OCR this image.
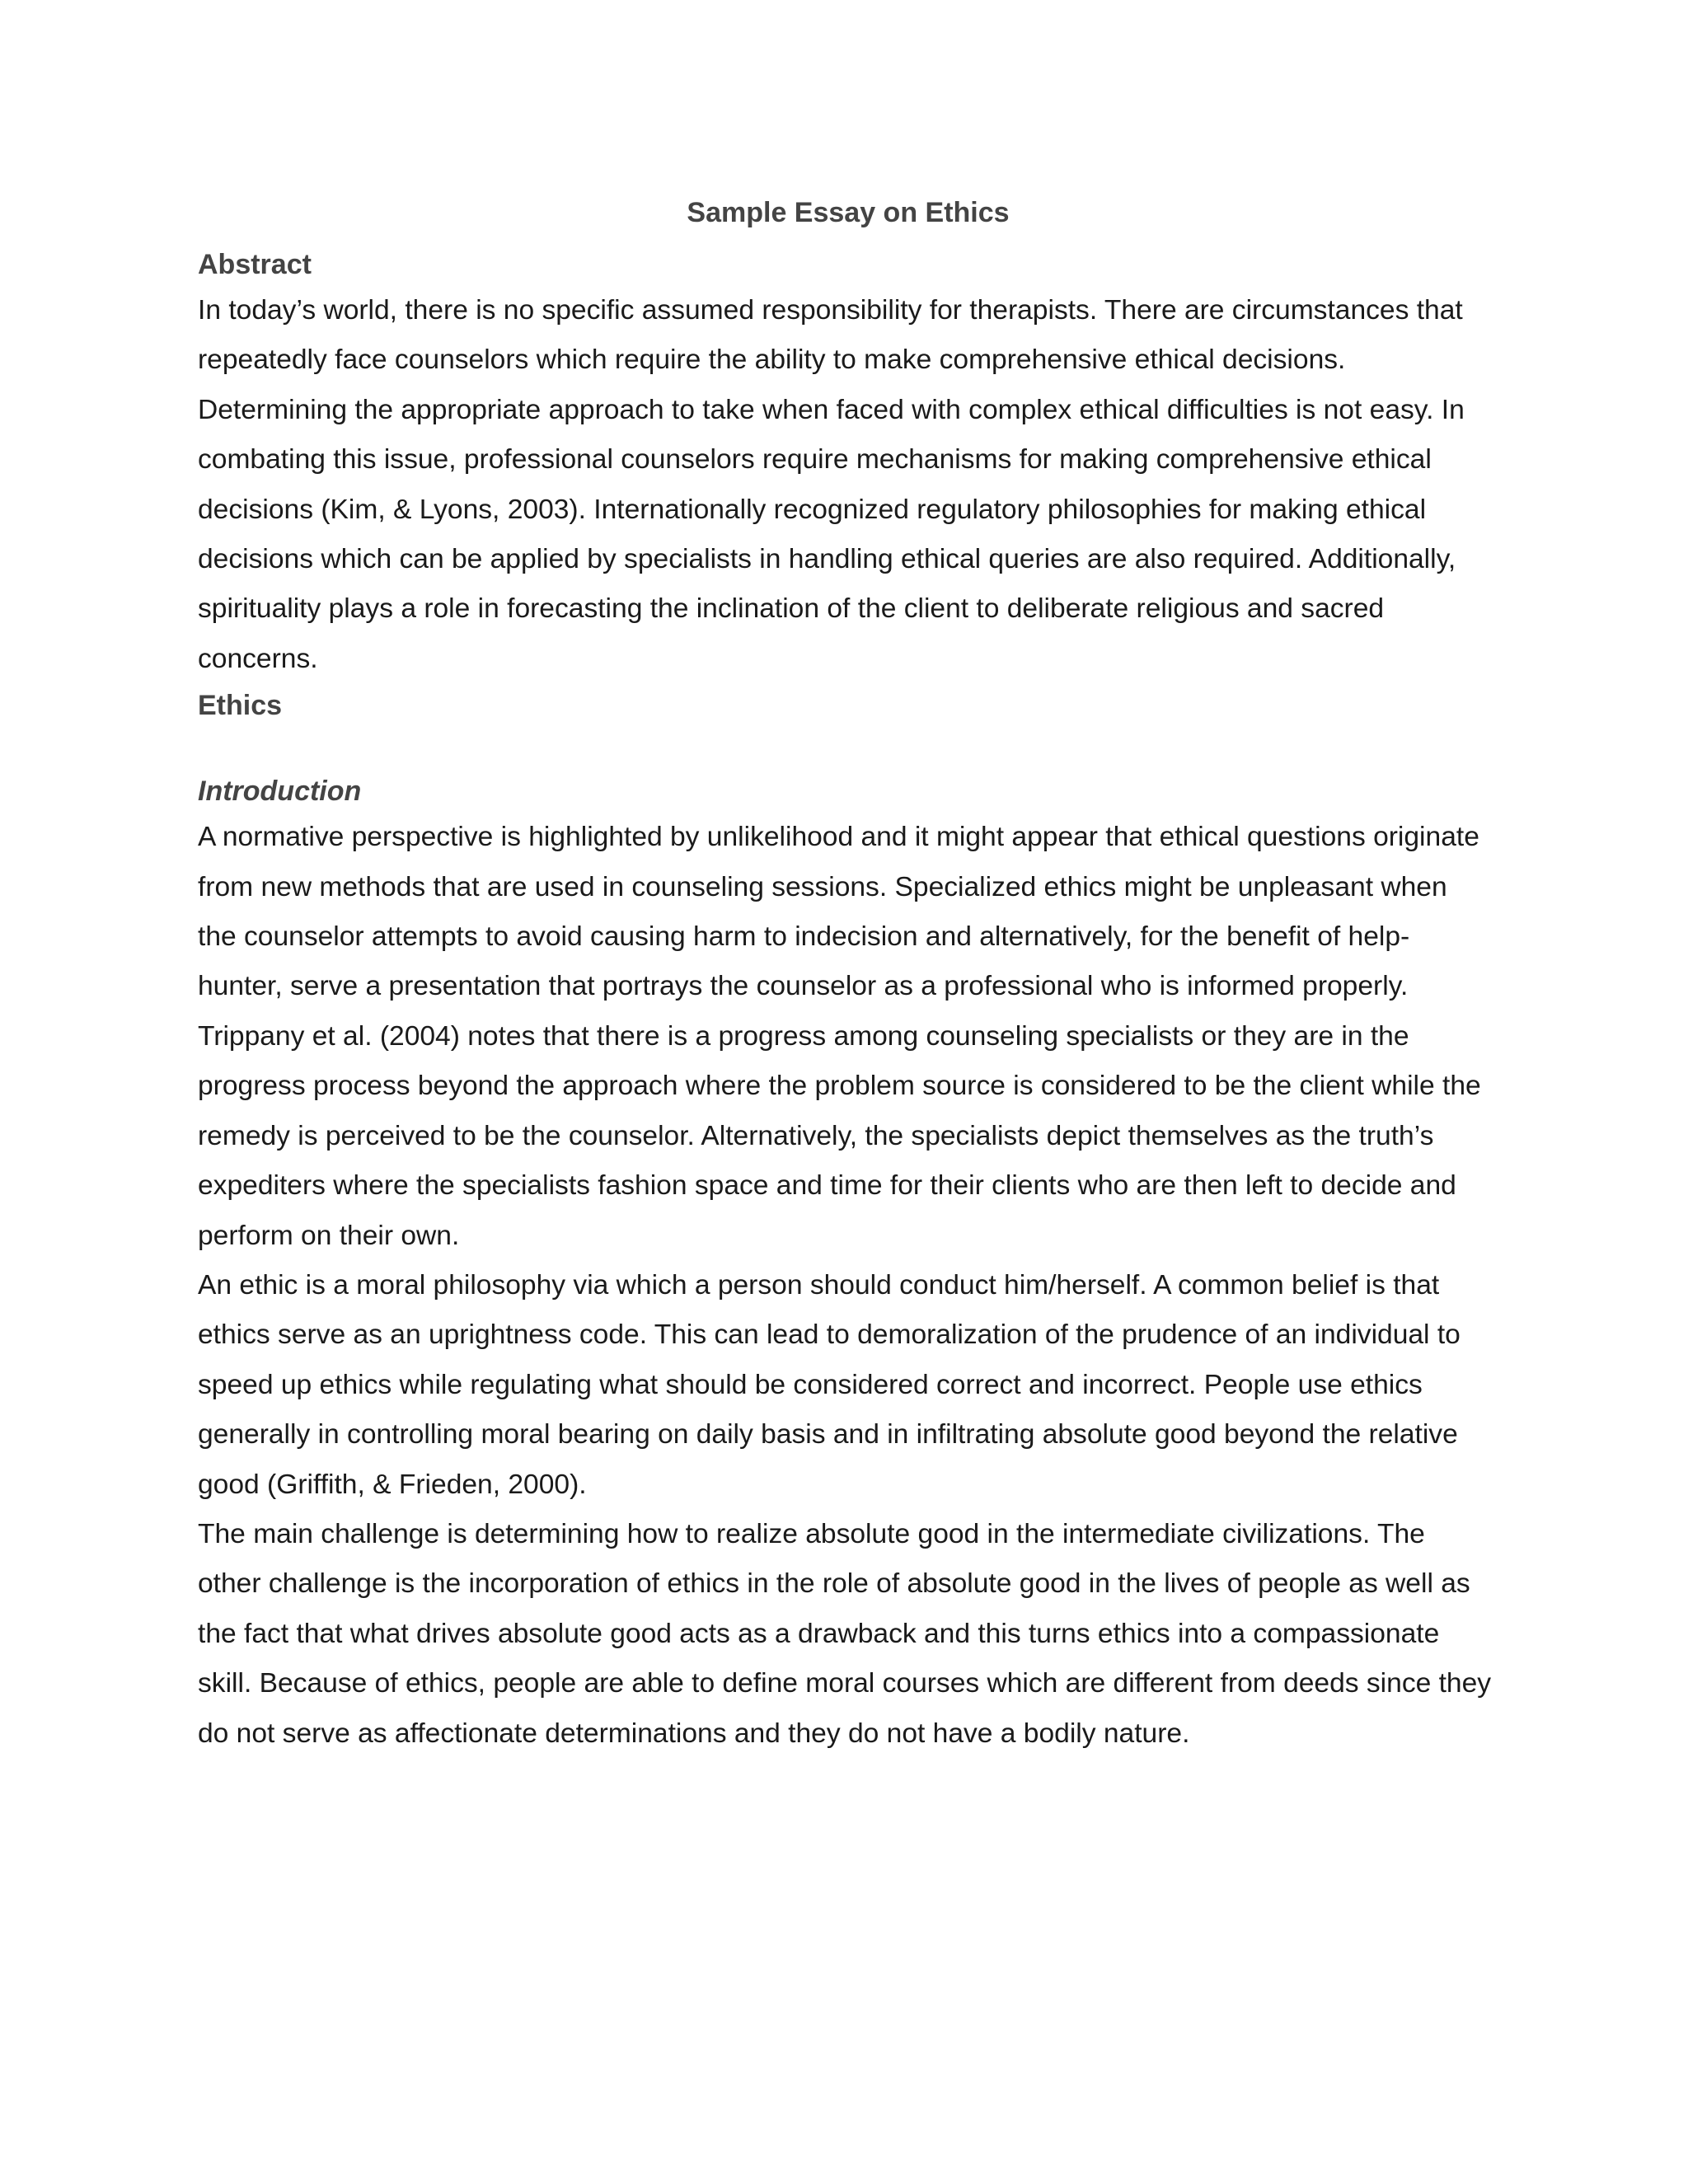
Sample Essay on Ethics
Abstract

In today’s world, there is no specific assumed responsibility for therapists. There are circumstances that
repeatedly face counselors which require the ability to make comprehensive ethical decisions.
Determining the appropriate approach to take when faced with complex ethical difficulties is not easy. In
combating this issue, professional counselors require mechanisms for making comprehensive ethical
decisions (Kim, & Lyons, 2003). Internationally recognized regulatory philosophies for making ethical
decisions which can be applied by specialists in handling ethical queries are also required. Additionally,
spirituality plays a role in forecasting the inclination of the client to deliberate religious and sacred
concerns.

Ethics
Introduction

A normative perspective is highlighted by unlikelihood and it might appear that ethical questions originate
from new methods that are used in counseling sessions. Specialized ethics might be unpleasant when
the counselor attempts to avoid causing harm to indecision and alternatively, for the benefit of help-
hunter, serve a presentation that portrays the counselor as a professional who is informed properly.

Trippany et al. (2004) notes that there is a progress among counseling specialists or they are in the
progress process beyond the approach where the problem source is considered to be the client while the
remedy is perceived to be the counselor. Alternatively, the specialists depict themselves as the truth’s
expediters where the specialists fashion space and time for their clients who are then left to decide and
perform on their own.

An ethic is a moral philosophy via which a person should conduct him/herself. A common belief is that
ethics serve as an uprightness code. This can lead to demoralization of the prudence of an individual to
speed up ethics while regulating what should be considered correct and incorrect. People use ethics
generally in controlling moral bearing on daily basis and in infiltrating absolute good beyond the relative
good (Griffith, & Frieden, 2000).

The main challenge is determining how to realize absolute good in the intermediate civilizations. The
other challenge is the incorporation of ethics in the role of absolute good in the lives of people as well as
the fact that what drives absolute good acts as a drawback and this turns ethics into a compassionate
skill. Because of ethics, people are able to define moral courses which are different from deeds since they
do not serve as affectionate determinations and they do not have a bodily nature.
